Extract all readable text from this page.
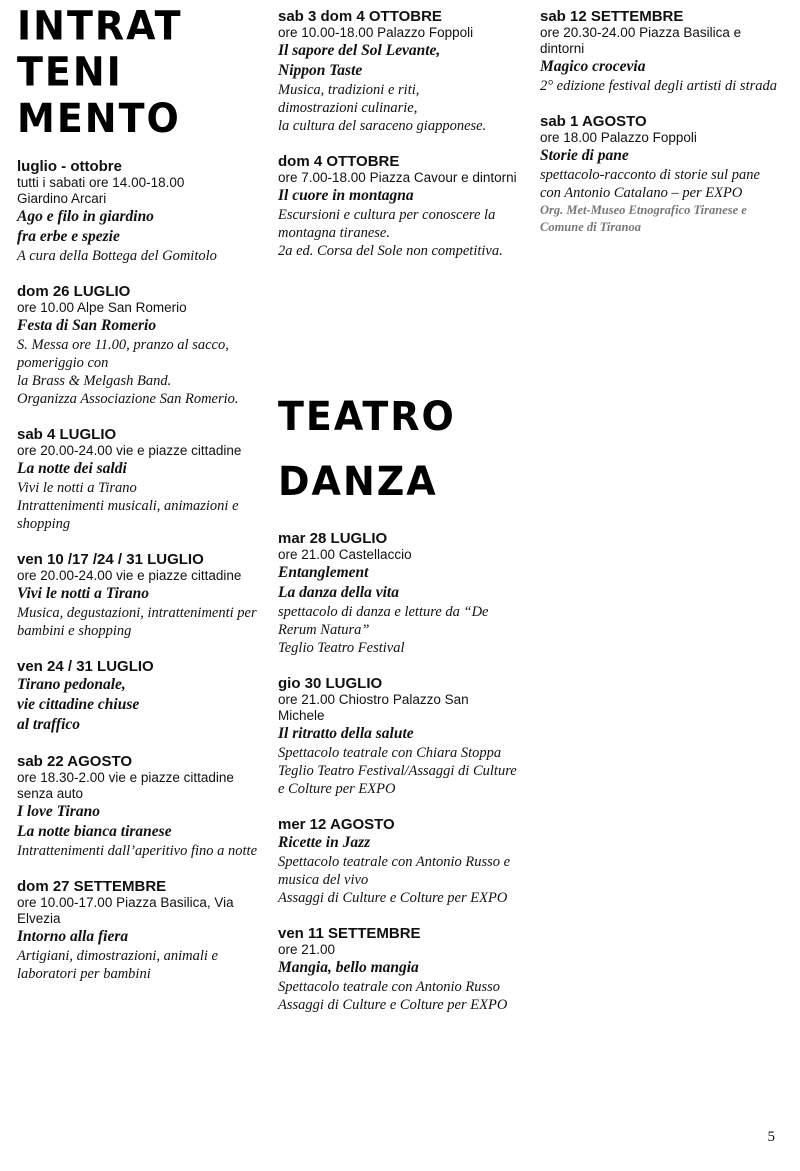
INTRAT
TENI
MENTO
luglio - ottobre
tutti i sabati ore 14.00-18.00
Giardino Arcari
Ago e filo in giardino
fra erbe e spezie
A cura della Bottega del Gomitolo
dom 26 LUGLIO
ore 10.00 Alpe San Romerio
Festa di San Romerio
S. Messa ore 11.00, pranzo al sacco, pomeriggio con
la Brass & Melgash Band.
Organizza Associazione San Romerio.
sab 4 LUGLIO
ore 20.00-24.00 vie e piazze cittadine
La notte dei saldi
Vivi le notti a Tirano
Intrattenimenti musicali, animazioni e shopping
ven 10 /17 /24 / 31 LUGLIO
ore 20.00-24.00 vie e piazze cittadine
Vivi le notti a Tirano
Musica, degustazioni, intrattenimenti per bambini e shopping
ven 24 / 31 LUGLIO
Tirano pedonale,
vie cittadine chiuse
al traffico
sab 22 AGOSTO
ore 18.30-2.00 vie e piazze cittadine senza auto
I love Tirano
La notte bianca tiranese
Intrattenimenti dall’aperitivo fino a notte
dom 27 SETTEMBRE
ore 10.00-17.00 Piazza Basilica, Via Elvezia
Intorno alla fiera
Artigiani, dimostrazioni, animali e laboratori per bambini
sab 3 dom 4 OTTOBRE
ore 10.00-18.00 Palazzo Foppoli
Il sapore del Sol Levante,
Nippon Taste
Musica, tradizioni e riti,
dimostrazioni culinarie,
la cultura del saraceno giapponese.
dom 4 OTTOBRE
ore 7.00-18.00 Piazza Cavour e dintorni
Il cuore in montagna
Escursioni e cultura per conoscere la montagna tiranese.
2a ed. Corsa del Sole non competitiva.
TEATRO
DANZA
mar 28 LUGLIO
ore 21.00 Castellaccio
Entanglement
La danza della vita
spettacolo di danza e letture da “De Rerum Natura”
Teglio Teatro Festival
gio 30 LUGLIO
ore 21.00 Chiostro Palazzo San Michele
Il ritratto della salute
Spettacolo teatrale con Chiara Stoppa
Teglio Teatro Festival/Assaggi di Culture e Colture per EXPO
mer 12 AGOSTO
Ricette in Jazz
Spettacolo teatrale con Antonio Russo e musica del vivo
Assaggi di Culture e Colture per EXPO
ven 11 SETTEMBRE
ore 21.00
Mangia, bello mangia
Spettacolo teatrale con Antonio Russo
Assaggi di Culture e Colture per EXPO
sab 12 SETTEMBRE
ore 20.30-24.00 Piazza Basilica e dintorni
Magico crocevia
2° edizione festival degli artisti di strada
sab 1 AGOSTO
ore 18.00 Palazzo Foppoli
Storie di pane
spettacolo-racconto di storie sul pane
con Antonio Catalano – per EXPO
Org. Met-Museo Etnografico Tiranese e Comune di Tiranoa
5
